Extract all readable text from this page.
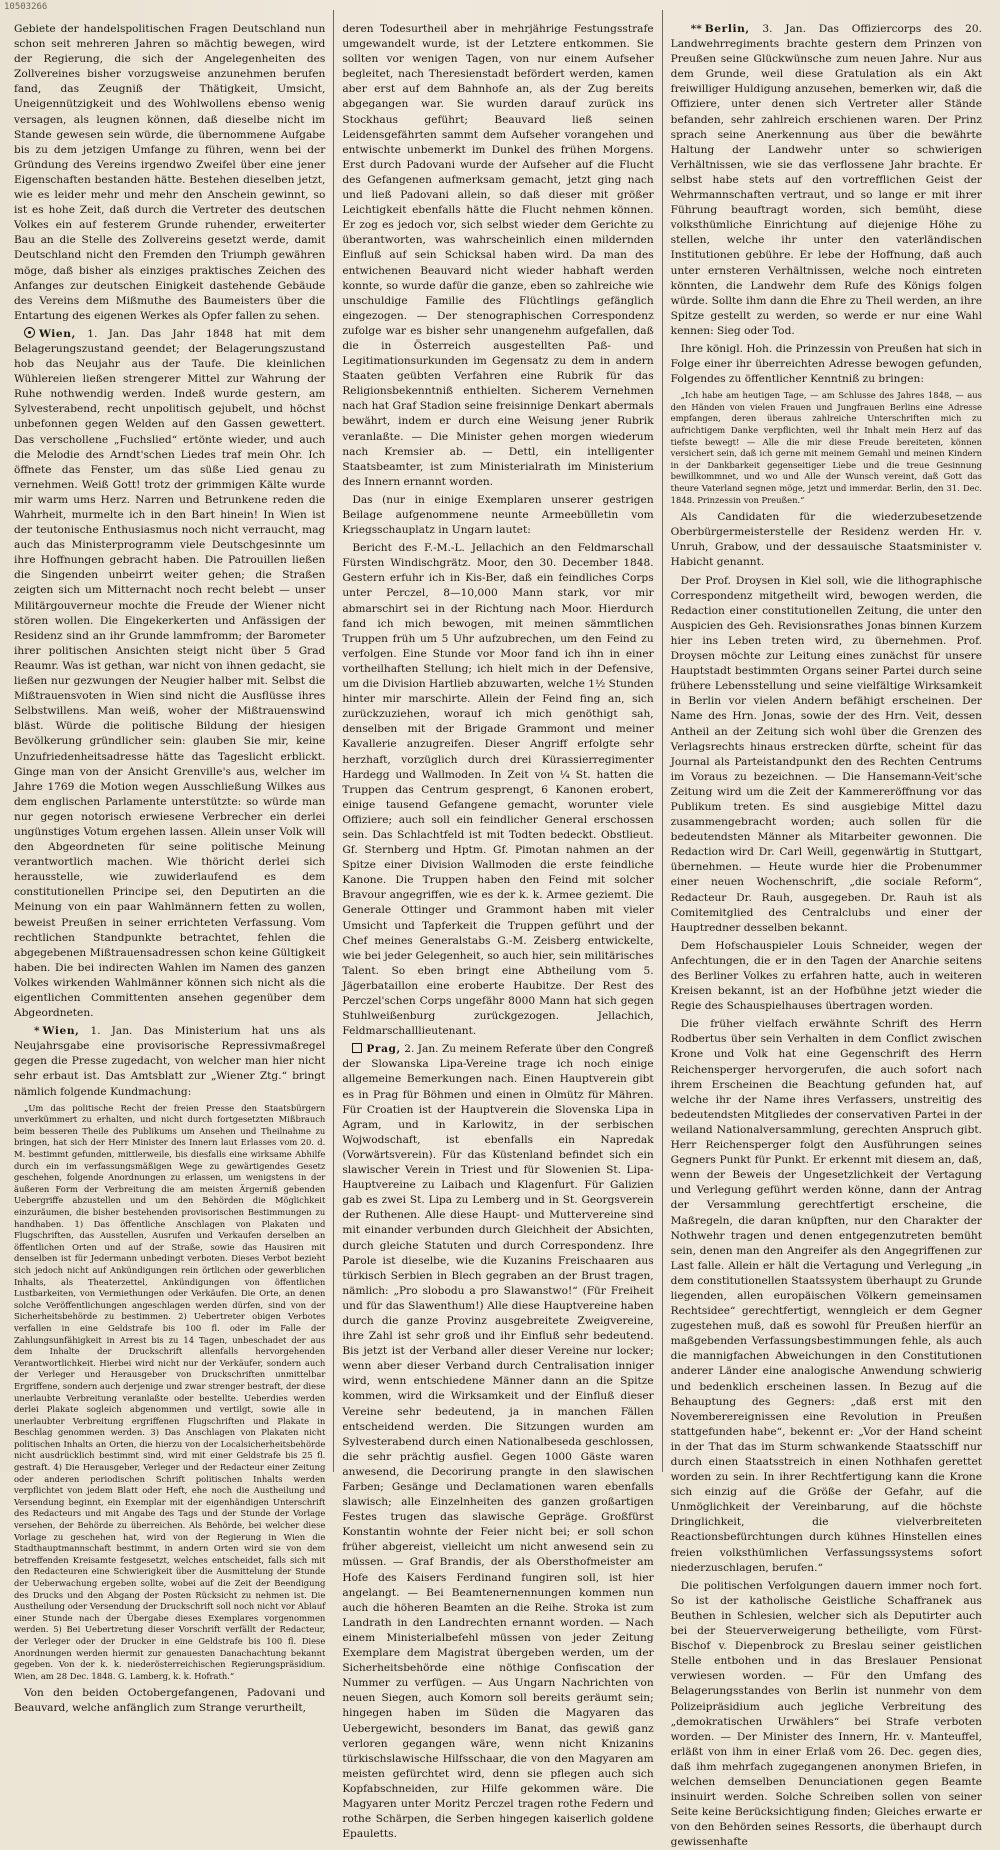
10503266

Gebiete der handelspolitischen Fragen Deutschland nun schon seit mehreren Jahren so mächtig bewegen, wird der Regierung, die sich der Angelegenheiten des Zollvereines bisher vorzugsweise anzunehmen berufen fand, das Zeugniß der Thätigkeit, Umsicht, Uneigennützigkeit und des Wohlwollens ebenso wenig versagen, als leugnen können, daß dieselbe nicht im Stande gewesen sein würde, die übernommene Aufgabe bis zu dem jetzigen Umfange zu führen, wenn bei der Gründung des Vereins irgendwo Zweifel über eine jener Eigenschaften bestanden hätte. Bestehen dieselben jetzt, wie es leider mehr und mehr den Anschein gewinnt, so ist es hohe Zeit, daß durch die Vertreter des deutschen Volkes ein auf festerem Grunde ruhender, erweiterter Bau an die Stelle des Zollvereins gesetzt werde, damit Deutschland nicht den Fremden den Triumph gewähren möge, daß bisher als einziges praktisches Zeichen des Anfanges zur deutschen Einigkeit dastehende Gebäude des Vereins dem Mißmuthe des Baumeisters über die Entartung des eigenen Werkes als Opfer fallen zu sehen.

Wien, 1. Jan. Das Jahr 1848 hat mit dem Belagerungszustand geendet; der Belagerungszustand hob das Neujahr aus der Taufe. Die kleinlichen Wühlereien ließen strengerer Mittel zur Wahrung der Ruhe nothwendig werden. Indeß wurde gestern, am Sylvesterabend, recht unpolitisch gejubelt, und höchst unbefonnen gegen Welden auf den Gassen gewettert. Das verschollene „Fuchslied“ ertönte wieder, und auch die Melodie des Arndt'schen Liedes traf mein Ohr. Ich öffnete das Fenster, um das süße Lied genau zu vernehmen. Weiß Gott! trotz der grimmigen Kälte wurde mir warm ums Herz. Narren und Betrunkene reden die Wahrheit, murmelte ich in den Bart hinein! In Wien ist der teutonische Enthusiasmus noch nicht verraucht, mag auch das Ministerprogramm viele Deutschgesinnte um ihre Hoffnungen gebracht haben. Die Patrouillen ließen die Singenden unbeirrt weiter gehen; die Straßen zeigten sich um Mitternacht noch recht belebt — unser Militärgouverneur mochte die Freude der Wiener nicht stören wollen. Die Eingekerkerten und Anfässigen der Residenz sind an ihr Grunde lammfromm; der Barometer ihrer politischen Ansichten steigt nicht über 5 Grad Reaumr. Was ist gethan, war nicht von ihnen gedacht, sie ließen nur gezwungen der Neugier halber mit. Selbst die Mißtrauensvoten in Wien sind nicht die Ausflüsse ihres Selbstwillens. Man weiß, woher der Mißtrauenswind bläst. Würde die politische Bildung der hiesigen Bevölkerung gründlicher sein: glauben Sie mir, keine Unzufriedenheitsadresse hätte das Tageslicht erblickt. Ginge man von der Ansicht Grenville's aus, welcher im Jahre 1769 die Motion wegen Ausschließung Wilkes aus dem englischen Parlamente unterstützte: so würde man nur gegen notorisch erwiesene Verbrecher ein derlei ungünstiges Votum ergehen lassen. Allein unser Volk will den Abgeordneten für seine politische Meinung verantwortlich machen. Wie thöricht derlei sich herausstelle, wie zuwiderlaufend es dem constitutionellen Principe sei, den Deputirten an die Meinung von ein paar Wahlmännern fetten zu wollen, beweist Preußen in seiner errichteten Verfassung. Vom rechtlichen Standpunkte betrachtet, fehlen die abgegebenen Mißtrauensadressen schon keine Gültigkeit haben. Die bei indirecten Wahlen im Namen des ganzen Volkes wirkenden Wahlmänner können sich nicht als die eigentlichen Committenten ansehen gegenüber dem Abgeordneten.

* Wien, 1. Jan. Das Ministerium hat uns als Neujahrsgabe eine provisorische Repressivmaßregel gegen die Presse zugedacht, von welcher man hier nicht sehr erbaut ist. Das Amtsblatt zur „Wiener Ztg.“ bringt nämlich folgende Kundmachung:

„Um das politische Recht der freien Presse den Staatsbürgern unverkümmert zu erhalten, und nicht durch fortgesetzten Mißbrauch beim besseren Theile des Publikums um Ansehen und Theilnahme zu bringen, hat sich der Herr Minister des Innern laut Erlasses vom 20. d. M. bestimmt gefunden, mittlerweile, bis diesfalls eine wirksame Abhilfe durch ein im verfassungsmäßigen Wege zu gewärtigendes Gesetz geschehen, folgende Anordnungen zu erlassen, um wenigstens in der äußeren Form der Verbreitung die am meisten Ärgerniß gebenden Uebergriffe abzustellen und um den Behörden die Möglichkeit einzuräumen, die bisher bestehenden provisorischen Bestimmungen zu handhaben. 1) Das öffentliche Anschlagen von Plakaten und Flugschriften, das Ausstellen, Ausrufen und Verkaufen derselben an öffentlichen Orten und auf der Straße, sowie das Hausiren mit denselben ist für Jedermann unbedingt verboten. Dieses Verbot bezieht sich jedoch nicht auf Ankündigungen rein örtlichen oder gewerblichen Inhalts, als Theaterzettel, Ankündigungen von öffentlichen Lustbarkeiten, von Vermiethungen oder Verkäufen. Die Orte, an denen solche Veröffentlichungen angeschlagen werden dürfen, sind von der Sicherheitsbehörde zu bestimmen. 2) Uebertreter obigen Verbotes verfallen in eine Geldstrafe bis 100 fl. oder im Falle der Zahlungsunfähigkeit in Arrest bis zu 14 Tagen, unbeschadet der aus dem Inhalte der Druckschrift allenfalls hervorgehenden Verantwortlichkeit. Hierbei wird nicht nur der Verkäufer, sondern auch der Verleger und Herausgeber von Druckschriften unmittelbar Ergriffene, sondern auch derjenige und zwar strenger bestraft, der diese unerlaubte Verbreitung veranlaßte oder bestellte. Ueberdies werden derlei Plakate sogleich abgenommen und vertilgt, sowie alle in unerlaubter Verbreitung ergriffenen Flugschriften und Plakate in Beschlag genommen werden. 3) Das Anschlagen von Plakaten nicht politischen Inhalts an Orten, die hierzu von der Localsicherheitsbehörde nicht ausdrücklich bestimmt sind, wird mit einer Geldstrafe bis 25 fl. gestraft. 4) Die Herausgeber, Verleger und der Redacteur einer Zeitung oder anderen periodischen Schrift politischen Inhalts werden verpflichtet von jedem Blatt oder Heft, ehe noch die Austheilung und Versendung beginnt, ein Exemplar mit der eigenhändigen Unterschrift des Redacteurs und mit Angabe des Tags und der Stunde der Vorlage versehen, der Behörde zu überreichen. Als Behörde, bei welcher diese Vorlage zu geschehen hat, wird von der Regierung in Wien die Stadthauptmannschaft bestimmt, in andern Orten wird sie von dem betreffenden Kreisamte festgesetzt, welches entscheidet, falls sich mit den Redacteuren eine Schwierigkeit über die Ausmittelung der Stunde der Ueberwachung ergeben sollte, wobei auf die Zeit der Beendigung des Drucks und den Abgang der Posten Rücksicht zu nehmen ist. Die Austheilung oder Versendung der Druckschrift soll noch nicht vor Ablauf einer Stunde nach der Übergabe dieses Exemplares vorgenommen werden. 5) Bei Uebertretung dieser Vorschrift verfällt der Redacteur, der Verleger oder der Drucker in eine Geldstrafe bis 100 fl. Diese Anordnungen werden hiermit zur genauesten Danachachtung bekannt gegeben. Von der k. k. niederösterreichischen Regierungspräsidium. Wien, am 28 Dec. 1848. G. Lamberg, k. k. Hofrath.“

Von den beiden Octobergefangenen, Padovani und Beauvard, welche anfänglich zum Strange verurtheilt,

deren Todesurtheil aber in mehrjährige Festungsstrafe umgewandelt wurde, ist der Letztere entkommen. Sie sollten vor wenigen Tagen, von nur einem Aufseher begleitet, nach Theresienstadt befördert werden, kamen aber erst auf dem Bahnhofe an, als der Zug bereits abgegangen war. Sie wurden darauf zurück ins Stockhaus geführt; Beauvard ließ seinen Leidensgefährten sammt dem Aufseher vorangehen und entwischte unbemerkt im Dunkel des frühen Morgens. Erst durch Padovani wurde der Aufseher auf die Flucht des Gefangenen aufmerksam gemacht, jetzt ging nach und ließ Padovani allein, so daß dieser mit größer Leichtigkeit ebenfalls hätte die Flucht nehmen können. Er zog es jedoch vor, sich selbst wieder dem Gerichte zu überantworten, was wahrscheinlich einen mildernden Einfluß auf sein Schicksal haben wird. Da man des entwichenen Beauvard nicht wieder habhaft werden konnte, so wurde dafür die ganze, eben so zahlreiche wie unschuldige Familie des Flüchtlings gefänglich eingezogen. — Der stenographischen Correspondenz zufolge war es bisher sehr unangenehm aufgefallen, daß die in Österreich ausgestellten Paß- und Legitimationsurkunden im Gegensatz zu dem in andern Staaten geübten Verfahren eine Rubrik für das Religionsbekenntniß enthielten. Sicherem Vernehmen nach hat Graf Stadion seine freisinnige Denkart abermals bewährt, indem er durch eine Weisung jener Rubrik veranlaßte. — Die Minister gehen morgen wiederum nach Kremsier ab. — Dettl, ein intelligenter Staatsbeamter, ist zum Ministerialrath im Ministerium des Innern ernannt worden.

Das (nur in einige Exemplaren unserer gestrigen Beilage aufgenommene neunte Armeebülletin vom Kriegsschauplatz in Ungarn lautet:

Bericht des F.-M.-L. Jellachich an den Feldmarschall Fürsten Windischgrätz. Moor, den 30. December 1848. Gestern erfuhr ich in Kis-Ber, daß ein feindliches Corps unter Perczel, 8—10,000 Mann stark, vor mir abmarschirt sei in der Richtung nach Moor. Hierdurch fand ich mich bewogen, mit meinen sämmtlichen Truppen früh um 5 Uhr aufzubrechen, um den Feind zu verfolgen. Eine Stunde vor Moor fand ich ihn in einer vortheilhaften Stellung; ich hielt mich in der Defensive, um die Division Hartlieb abzuwarten, welche 1½ Stunden hinter mir marschirte. Allein der Feind fing an, sich zurückzuziehen, worauf ich mich genöthigt sah, denselben mit der Brigade Grammont und meiner Kavallerie anzugreifen. Dieser Angriff erfolgte sehr herzhaft, vorzüglich durch drei Kürassierregimenter Hardegg und Wallmoden. In Zeit von ¼ St. hatten die Truppen das Centrum gesprengt, 6 Kanonen erobert, einige tausend Gefangene gemacht, worunter viele Offiziere; auch soll ein feindlicher General erschossen sein. Das Schlachtfeld ist mit Todten bedeckt. Obstlieut. Gf. Sternberg und Hptm. Gf. Pimotan nahmen an der Spitze einer Division Wallmoden die erste feindliche Kanone. Die Truppen haben den Feind mit solcher Bravour angegriffen, wie es der k. k. Armee geziemt. Die Generale Ottinger und Grammont haben mit vieler Umsicht und Tapferkeit die Truppen geführt und der Chef meines Generalstabs G.-M. Zeisberg entwickelte, wie bei jeder Gelegenheit, so auch hier, sein militärisches Talent. So eben bringt eine Abtheilung vom 5. Jägerbataillon eine eroberte Haubitze. Der Rest des Perczel'schen Corps ungefähr 8000 Mann hat sich gegen Stuhlweißenburg zurückgezogen. Jellachich, Feldmarschalllieutenant.

Prag, 2. Jan. Zu meinem Referate über den Congreß der Slowanska Lipa-Vereine trage ich noch einige allgemeine Bemerkungen nach. Einen Hauptverein gibt es in Prag für Böhmen und einen in Olmütz für Mähren. Für Croatien ist der Hauptverein die Slovenska Lipa in Agram, und in Karlowitz, in der serbischen Wojwodschaft, ist ebenfalls ein Napredak (Vorwärtsverein). Für das Küstenland befindet sich ein slawischer Verein in Triest und für Slowenien St. Lipa-Hauptvereine zu Laibach und Klagenfurt. Für Galizien gab es zwei St. Lipa zu Lemberg und in St. Georgsverein der Ruthenen. Alle diese Haupt- und Muttervereine sind mit einander verbunden durch Gleichheit der Absichten, durch gleiche Statuten und durch Correspondenz. Ihre Parole ist dieselbe, wie die Kuzanins Freischaaren aus türkisch Serbien in Blech gegraben an der Brust tragen, nämlich: „Pro slobodu a pro Slawanstwo!“ (Für Freiheit und für das Slawenthum!) Alle diese Hauptvereine haben durch die ganze Provinz ausgebreitete Zweigvereine, ihre Zahl ist sehr groß und ihr Einfluß sehr bedeutend. Bis jetzt ist der Verband aller dieser Vereine nur locker; wenn aber dieser Verband durch Centralisation inniger wird, wenn entschiedene Männer dann an die Spitze kommen, wird die Wirksamkeit und der Einfluß dieser Vereine sehr bedeutend, ja in manchen Fällen entscheidend werden. Die Sitzungen wurden am Sylvesterabend durch einen Nationalbeseda geschlossen, die sehr prächtig ausfiel. Gegen 1000 Gäste waren anwesend, die Decorirung prangte in den slawischen Farben; Gesänge und Declamationen waren ebenfalls slawisch; alle Einzelnheiten des ganzen großartigen Festes trugen das slawische Gepräge. Großfürst Konstantin wohnte der Feier nicht bei; er soll schon früher abgereist, vielleicht um nicht anwesend sein zu müssen. — Graf Brandis, der als Obersthofmeister am Hofe des Kaisers Ferdinand fungiren soll, ist hier angelangt. — Bei Beamtenernennungen kommen nun auch die höheren Beamten an die Reihe. Stroka ist zum Landrath in den Landrechten ernannt worden. — Nach einem Ministerialbefehl müssen von jeder Zeitung Exemplare dem Magistrat übergeben werden, um der Sicherheitsbehörde eine nöthige Confiscation der Nummer zu verfügen. — Aus Ungarn Nachrichten von neuen Siegen, auch Komorn soll bereits geräumt sein; hingegen haben im Süden die Magyaren das Uebergewicht, besonders im Banat, das gewiß ganz verloren gegangen wäre, wenn nicht Knizanins türkischslawische Hilfsschaar, die von den Magyaren am meisten gefürchtet wird, denn sie pflegen auch sich Kopfabschneiden, zur Hilfe gekommen wäre. Die Magyaren unter Moritz Perczel tragen rothe Federn und rothe Schärpen, die Serben hingegen kaiserlich goldene Epauletts.

** Berlin, 3. Jan. Das Offiziercorps des 20. Landwehrregiments brachte gestern dem Prinzen von Preußen seine Glückwünsche zum neuen Jahre. Nur aus dem Grunde, weil diese Gratulation als ein Akt freiwilliger Huldigung anzusehen, bemerken wir, daß die Offiziere, unter denen sich Vertreter aller Stände befanden, sehr zahlreich erschienen waren. Der Prinz sprach seine Anerkennung aus über die bewährte Haltung der Landwehr unter so schwierigen Verhältnissen, wie sie das verflossene Jahr brachte. Er selbst habe stets auf den vortrefflichen Geist der Wehrmannschaften vertraut, und so lange er mit ihrer Führung beauftragt worden, sich bemüht, diese volksthümliche Einrichtung auf diejenige Höhe zu stellen, welche ihr unter den vaterländischen Institutionen gebühre. Er lebe der Hoffnung, daß auch unter ernsteren Verhältnissen, welche noch eintreten könnten, die Landwehr dem Rufe des Königs folgen würde. Sollte ihm dann die Ehre zu Theil werden, an ihre Spitze gestellt zu werden, so werde er nur eine Wahl kennen: Sieg oder Tod.

Ihre königl. Hoh. die Prinzessin von Preußen hat sich in Folge einer ihr überreichten Adresse bewogen gefunden, Folgendes zu öffentlicher Kenntniß zu bringen:

„Ich habe am heutigen Tage, — am Schlusse des Jahres 1848, — aus den Händen von vielen Frauen und Jungfrauen Berlins eine Adresse empfangen, deren überaus zahlreiche Unterschriften mich zu aufrichtigem Danke verpflichten, weil ihr Inhalt mein Herz auf das tiefste bewegt! — Alle die mir diese Freude bereiteten, können versichert sein, daß ich gerne mit meinem Gemahl und meinen Kindern in der Dankbarkeit gegenseitiger Liebe und die treue Gesinnung bewillkommnet, und wo und Alle der Wunsch vereint, daß Gott das theure Vaterland segnen möge, jetzt und immerdar. Berlin, den 31. Dec. 1848. Prinzessin von Preußen.“

Als Candidaten für die wiederzubesetzende Oberbürgermeisterstelle der Residenz werden Hr. v. Unruh, Grabow, und der dessauische Staatsminister v. Habicht genannt.

Der Prof. Droysen in Kiel soll, wie die lithographische Correspondenz mitgetheilt wird, bewogen werden, die Redaction einer constitutionellen Zeitung, die unter den Auspicien des Geh. Revisionsrathes Jonas binnen Kurzem hier ins Leben treten wird, zu übernehmen. Prof. Droysen möchte zur Leitung eines zunächst für unsere Hauptstadt bestimmten Organs seiner Partei durch seine frühere Lebensstellung und seine vielfältige Wirksamkeit in Berlin vor vielen Andern befähigt erscheinen. Der Name des Hrn. Jonas, sowie der des Hrn. Veit, dessen Antheil an der Zeitung sich wohl über die Grenzen des Verlagsrechts hinaus erstrecken dürfte, scheint für das Journal als Parteistandpunkt den des Rechten Centrums im Voraus zu bezeichnen. — Die Hansemann-Veit'sche Zeitung wird um die Zeit der Kammereröffnung vor das Publikum treten. Es sind ausgiebige Mittel dazu zusammengebracht worden; auch sollen für die bedeutendsten Männer als Mitarbeiter gewonnen. Die Redaction wird Dr. Carl Weill, gegenwärtig in Stuttgart, übernehmen. — Heute wurde hier die Probenummer einer neuen Wochenschrift, „die sociale Reform“, Redacteur Dr. Rauh, ausgegeben. Dr. Rauh ist als Comitemitglied des Centralclubs und einer der Hauptredner desselben bekannt.

Dem Hofschauspieler Louis Schneider, wegen der Anfechtungen, die er in den Tagen der Anarchie seitens des Berliner Volkes zu erfahren hatte, auch in weiteren Kreisen bekannt, ist an der Hofbühne jetzt wieder die Regie des Schauspielhauses übertragen worden.

Die früher vielfach erwähnte Schrift des Herrn Rodbertus über sein Verhalten in dem Conflict zwischen Krone und Volk hat eine Gegenschrift des Herrn Reichensperger hervorgerufen, die auch sofort nach ihrem Erscheinen die Beachtung gefunden hat, auf welche ihr der Name ihres Verfassers, unstreitig des bedeutendsten Mitgliedes der conservativen Partei in der weiland Nationalversammlung, gerechten Anspruch gibt. Herr Reichensperger folgt den Ausführungen seines Gegners Punkt für Punkt. Er erkennt mit diesem an, daß, wenn der Beweis der Ungesetzlichkeit der Vertagung und Verlegung geführt werden könne, dann der Antrag der Versammlung gerechtfertigt erscheine, die Maßregeln, die daran knüpften, nur den Charakter der Nothwehr tragen und denen entgegenzutreten bemüht sein, denen man den Angreifer als den Angegriffenen zur Last falle. Allein er hält die Vertagung und Verlegung „in dem constitutionellen Staatssystem überhaupt zu Grunde liegenden, allen europäischen Völkern gemeinsamen Rechtsidee“ gerechtfertigt, wenngleich er dem Gegner zugestehen muß, daß es sowohl für Preußen hierfür an maßgebenden Verfassungsbestimmungen fehle, als auch die mannigfachen Abweichungen in den Constitutionen anderer Länder eine analogische Anwendung schwierig und bedenklich erscheinen lassen. In Bezug auf die Behauptung des Gegners: „daß erst mit den Novemberereignissen eine Revolution in Preußen stattgefunden habe“, bekennt er: „Vor der Hand scheint in der That das im Sturm schwankende Staatsschiff nur durch einen Staatsstreich in einen Nothhafen gerettet worden zu sein. In ihrer Rechtfertigung kann die Krone sich einzig auf die Größe der Gefahr, auf die Unmöglichkeit der Vereinbarung, auf die höchste Dringlichkeit, die vielverbreiteten Reactionsbefürchtungen durch kühnes Hinstellen eines freien volksthümlichen Verfassungssystems sofort niederzuschlagen, berufen.“

Die politischen Verfolgungen dauern immer noch fort. So ist der katholische Geistliche Schaffranek aus Beuthen in Schlesien, welcher sich als Deputirter auch bei der Steuerverweigerung betheiligte, vom Fürst-Bischof v. Diepenbrock zu Breslau seiner geistlichen Stelle entbohen und in das Breslauer Pensionat verwiesen worden. — Für den Umfang des Belagerungsstandes von Berlin ist nunmehr von dem Polizeipräsidium auch jegliche Verbreitung des „demokratischen Urwählers“ bei Strafe verboten worden. — Der Minister des Innern, Hr. v. Manteuffel, erläßt von ihm in einer Erlaß vom 26. Dec. gegen dies, daß ihm mehrfach zugegangenen anonymen Briefen, in welchen demselben Denunciationen gegen Beamte insinuirt werden. Solche Schreiben sollen von seiner Seite keine Berücksichtigung finden; Gleiches erwarte er von den Behörden seines Ressorts, die überhaupt durch gewissenhafte
